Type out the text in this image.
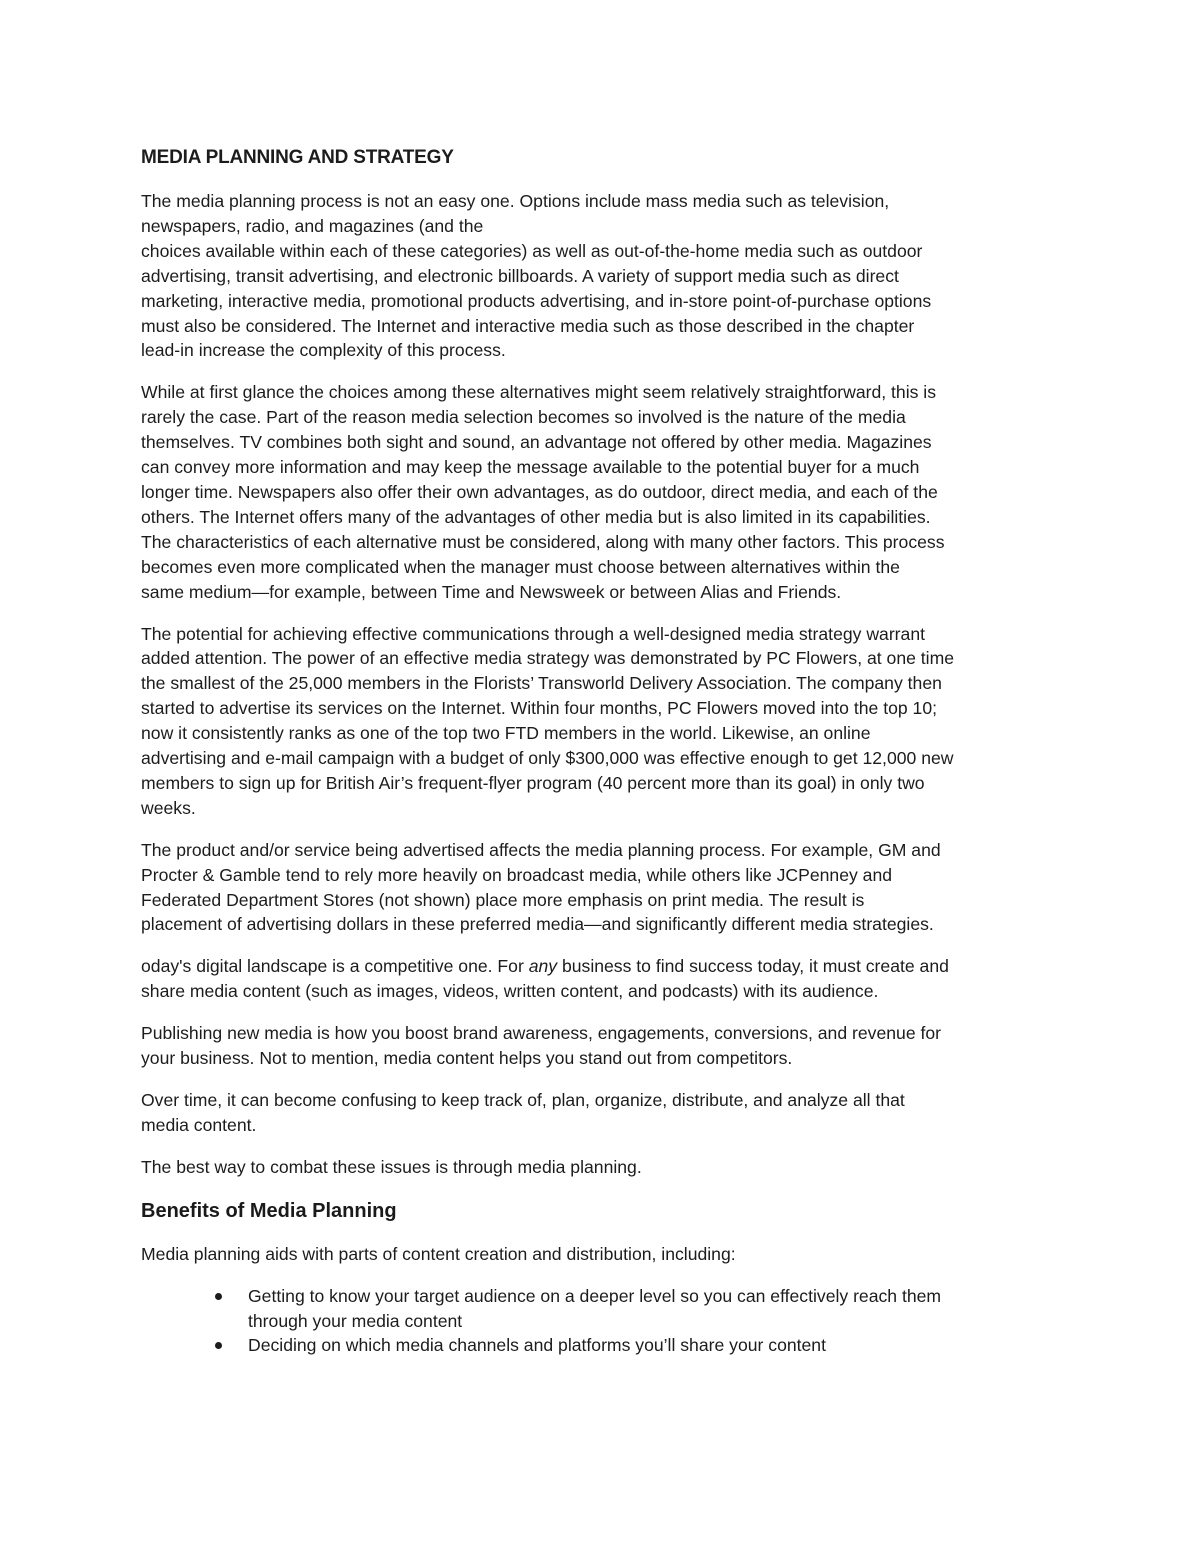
MEDIA PLANNING AND STRATEGY

The media planning process is not an easy one. Options include mass media such as television,
newspapers, radio, and magazines (and the
choices available within each of these categories) as well as out-of-the-home media such as outdoor
advertising, transit advertising, and electronic billboards. A variety of support media such as direct
marketing, interactive media, promotional products advertising, and in-store point-of-purchase options
must also be considered. The Internet and interactive media such as those described in the chapter
lead-in increase the complexity of this process.

While at first glance the choices among these alternatives might seem relatively straightforward, this is
rarely the case. Part of the reason media selection becomes so involved is the nature of the media
themselves. TV combines both sight and sound, an advantage not offered by other media. Magazines
can convey more information and may keep the message available to the potential buyer for a much
longer time. Newspapers also offer their own advantages, as do outdoor, direct media, and each of the
others. The Internet offers many of the advantages of other media but is also limited in its capabilities.
The characteristics of each alternative must be considered, along with many other factors. This process
becomes even more complicated when the manager must choose between alternatives within the
same medium—for example, between Time and Newsweek or between Alias and Friends.

The potential for achieving effective communications through a well-designed media strategy warrant
added attention. The power of an effective media strategy was demonstrated by PC Flowers, at one time
the smallest of the 25,000 members in the Florists’ Transworld Delivery Association. The company then
started to advertise its services on the Internet. Within four months, PC Flowers moved into the top 10;
now it consistently ranks as one of the top two FTD members in the world. Likewise, an online
advertising and e-mail campaign with a budget of only $300,000 was effective enough to get 12,000 new
members to sign up for British Air’s frequent-flyer program (40 percent more than its goal) in only two
weeks.

The product and/or service being advertised affects the media planning process. For example, GM and
Procter & Gamble tend to rely more heavily on broadcast media, while others like JCPenney and
Federated Department Stores (not shown) place more emphasis on print media. The result is
placement of advertising dollars in these preferred media—and significantly different media strategies.

oday's digital landscape is a competitive one. For any business to find success today, it must create and
share media content (such as images, videos, written content, and podcasts) with its audience.

Publishing new media is how you boost brand awareness, engagements, conversions, and revenue for
your business. Not to mention, media content helps you stand out from competitors.

Over time, it can become confusing to keep track of, plan, organize, distribute, and analyze all that
media content.

The best way to combat these issues is through media planning.

Benefits of Media Planning

Media planning aids with parts of content creation and distribution, including:

Getting to know your target audience on a deeper level so you can effectively reach them
through your media content
Deciding on which media channels and platforms you’ll share your content
